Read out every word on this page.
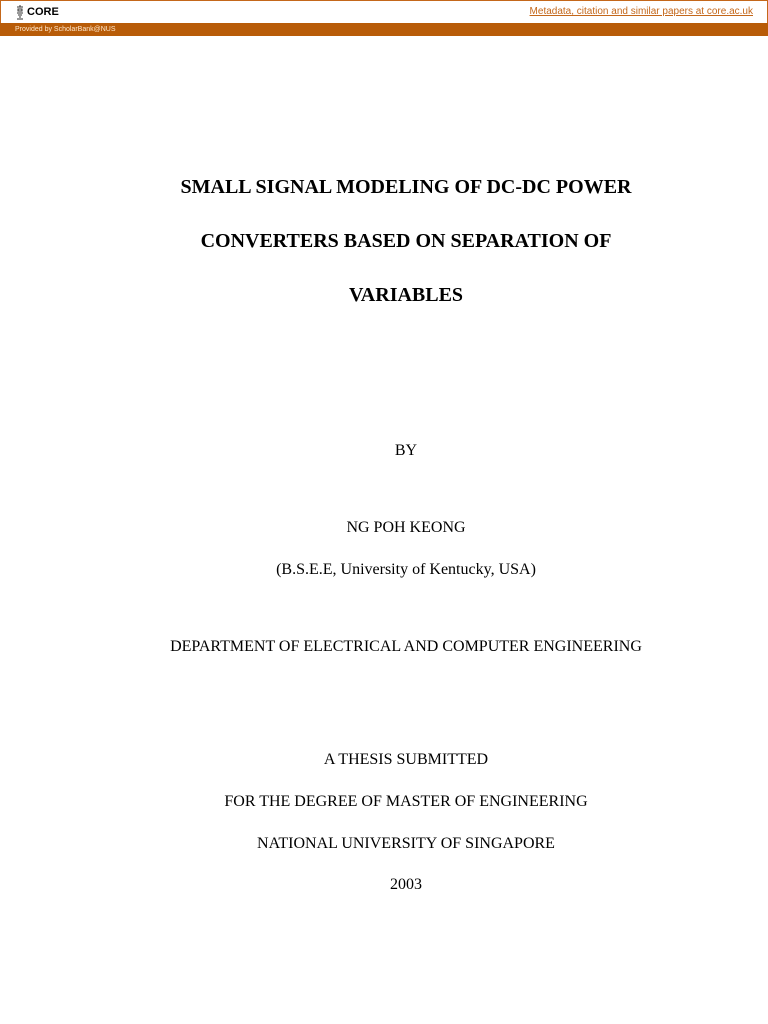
CORE	Metadata, citation and similar papers at core.ac.uk
Provided by ScholarBank@NUS
SMALL SIGNAL MODELING OF DC-DC POWER
CONVERTERS BASED ON SEPARATION OF
VARIABLES
BY
NG POH KEONG
(B.S.E.E, University of Kentucky, USA)
DEPARTMENT OF ELECTRICAL AND COMPUTER ENGINEERING
A THESIS SUBMITTED
FOR THE DEGREE OF MASTER OF ENGINEERING
NATIONAL UNIVERSITY OF SINGAPORE
2003
